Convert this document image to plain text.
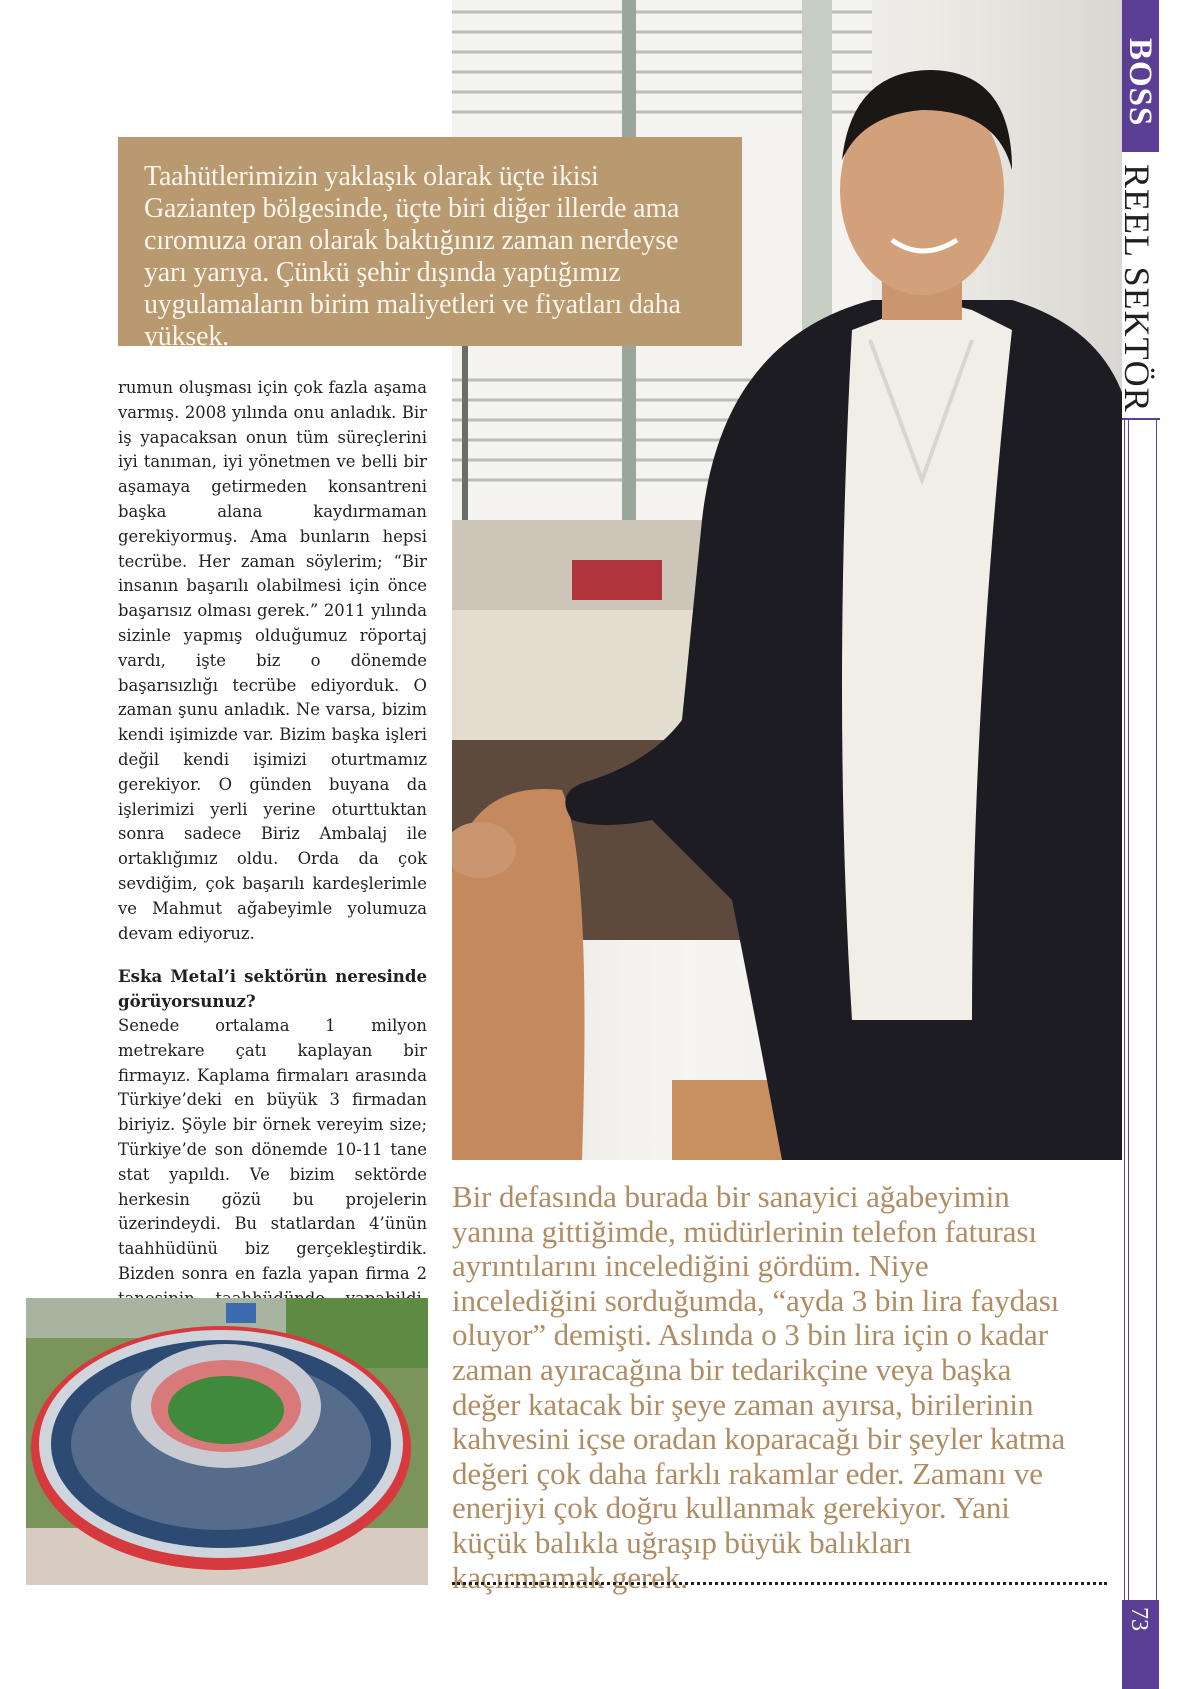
Taahütlerimizin yaklaşık olarak üçte ikisi Gaziantep bölgesinde, üçte biri diğer illerde ama cıromuza oran olarak baktığınız zaman nerdeyse yarı yarıya. Çünkü şehir dışında yaptığımız uygulamaların birim maliyetleri ve fiyatları daha yüksek.

rumun oluşması için çok fazla aşama varmış. 2008 yılında onu anladık. Bir iş yapacaksan onun tüm süreçlerini iyi tanıman, iyi yönetmen ve belli bir aşamaya getirmeden konsantreni başka alana kaydırmaman gerekiyormuş. Ama bunların hepsi tecrübe. Her zaman söylerim; “Bir insanın başarılı olabilmesi için önce başarısız olması gerek.” 2011 yılında sizinle yapmış olduğumuz röportaj vardı, işte biz o dönemde başarısızlığı tecrübe ediyorduk. O zaman şunu anladık. Ne varsa, bizim kendi işimizde var. Bizim başka işleri değil kendi işimizi oturtmamız gerekiyor. O günden buyana da işlerimizi yerli yerine oturttuktan sonra sadece Biriz Ambalaj ile ortaklığımız oldu. Orda da çok sevdiğim, çok başarılı kardeşlerimle ve Mahmut ağabeyimle yolumuza devam ediyoruz.

Eska Metal’i sektörün neresinde görüyorsunuz?

Senede ortalama 1 milyon metrekare çatı kaplayan bir firmayız. Kaplama firmaları arasında Türkiye’deki en büyük 3 firmadan biriyiz. Şöyle bir örnek vereyim size; Türkiye’de son dönemde 10-11 tane stat yapıldı. Ve bizim sektörde herkesin gözü bu projelerin üzerindeydi. Bu statlardan 4’ünün taahhüdünü biz gerçekleştirdik. Bizden sonra en fazla yapan firma 2

Bir defasında burada bir sanayici ağabeyimin yanına gittiğimde, müdürlerinin telefon faturası ayrıntılarını incelediğini gördüm. Niye incelediğini sorduğumda, “ayda 3 bin lira faydası oluyor” demişti. Aslında o 3 bin lira için o kadar zaman ayıracağına bir tedarikçine veya başka değer katacak bir şeye zaman ayırsa, birilerinin kahvesini içse oradan koparacağı bir şeyler katma değeri çok daha farklı rakamlar eder. Zamanı ve enerjiyi çok doğru kullanmak gerekiyor. Yani küçük balıkla uğraşıp büyük balıkları kaçırmamak gerek.
BOSS
REEL SEKTÖR
73
